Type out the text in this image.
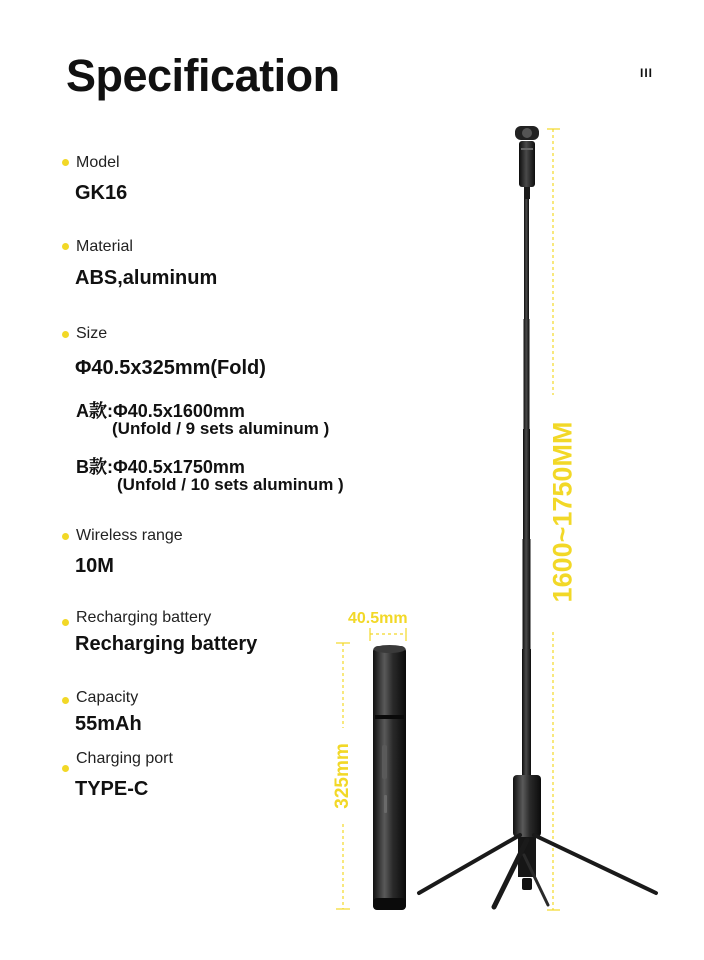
Specification	III
Model
GK16
Material
ABS,aluminum
Size
Φ40.5x325mm(Fold)
A款:Φ40.5x1600mm
(Unfold / 9 sets aluminum )
B款:Φ40.5x1750mm
(Unfold / 10 sets aluminum )
Wireless range
10M
Recharging battery
Recharging battery
Capacity
55mAh
Charging port
TYPE-C
1600~1750MM
40.5mm
325mm
